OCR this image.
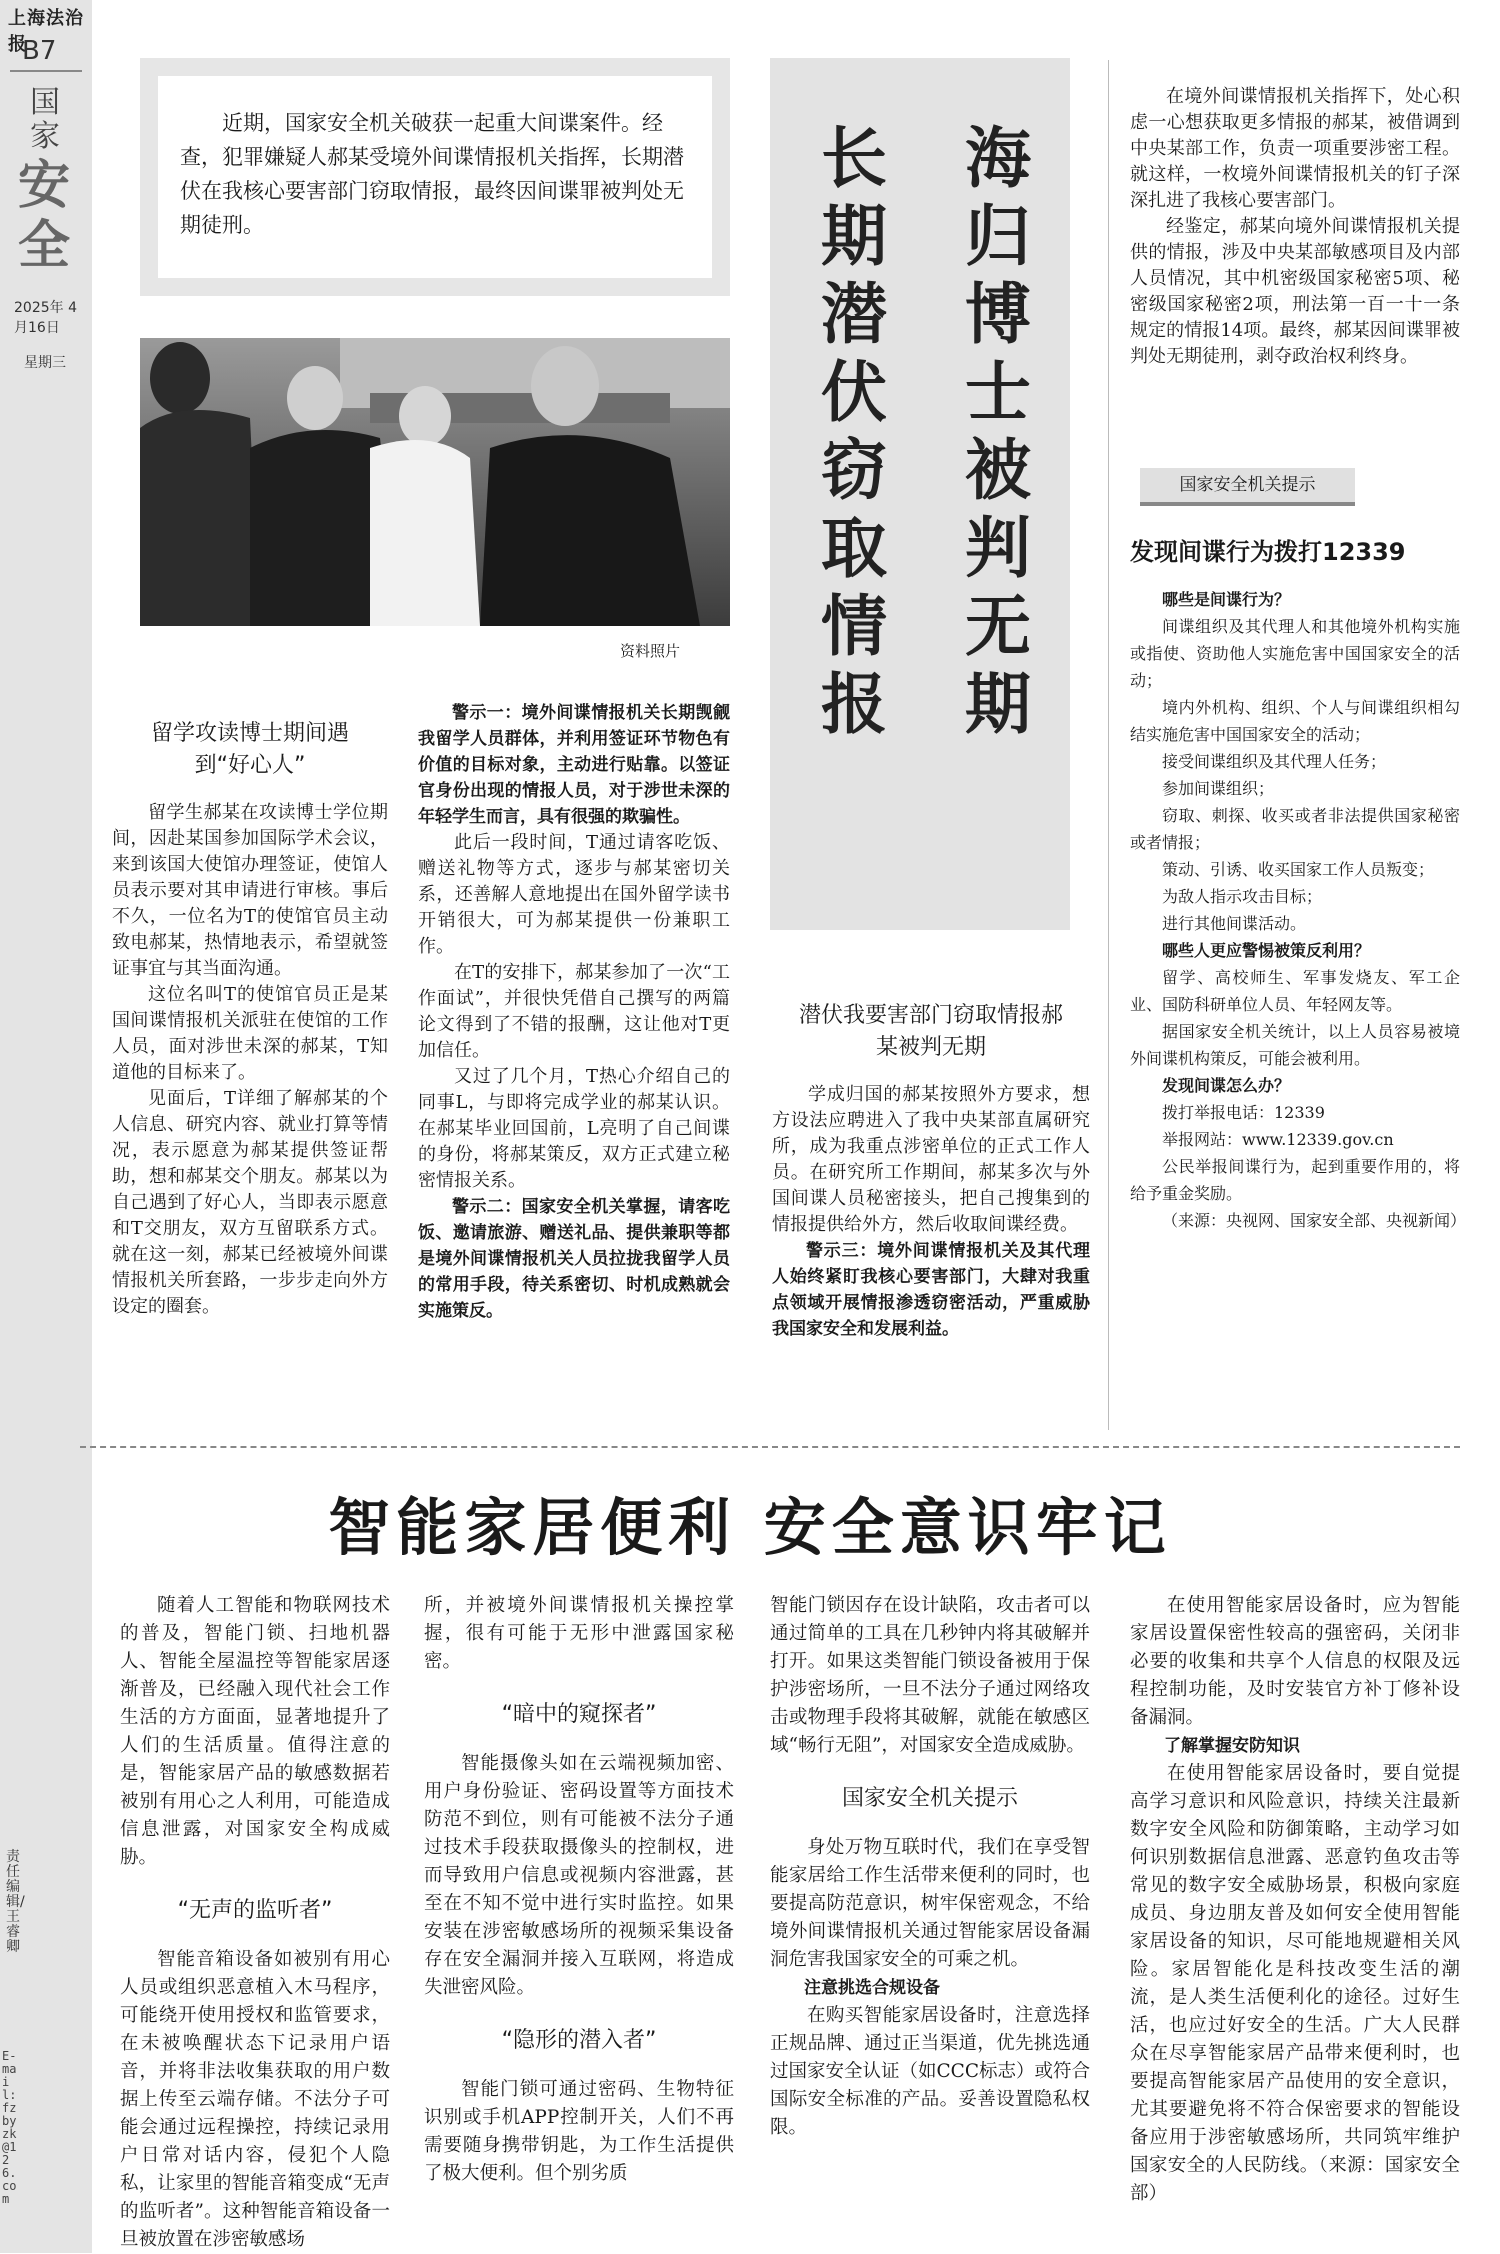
上海法治报
B7
国
家
安
全
2025年 4月16日
星期三
责任编辑/王睿卿
E-mail:fzbyzk@126.com
近期，国家安全机关破获一起重大间谍案件。经查，犯罪嫌疑人郝某受境外间谍情报机关指挥，长期潜伏在我核心要害部门窃取情报，最终因间谍罪被判处无期徒刑。
资料照片
海归博士被判无期
长期潜伏窃取情报
留学攻读博士期间遇到“好心人”

留学生郝某在攻读博士学位期间，因赴某国参加国际学术会议，来到该国大使馆办理签证，使馆人员表示要对其申请进行审核。事后不久，一位名为T的使馆官员主动致电郝某，热情地表示，希望就签证事宜与其当面沟通。

这位名叫T的使馆官员正是某国间谍情报机关派驻在使馆的工作人员，面对涉世未深的郝某，T知道他的目标来了。

见面后，T详细了解郝某的个人信息、研究内容、就业打算等情况，表示愿意为郝某提供签证帮助，想和郝某交个朋友。郝某以为自己遇到了好心人，当即表示愿意和T交朋友，双方互留联系方式。就在这一刻，郝某已经被境外间谍情报机关所套路，一步步走向外方设定的圈套。

警示一：境外间谍情报机关长期觊觎我留学人员群体，并利用签证环节物色有价值的目标对象，主动进行贴靠。以签证官身份出现的情报人员，对于涉世未深的年轻学生而言，具有很强的欺骗性。

此后一段时间，T通过请客吃饭、赠送礼物等方式，逐步与郝某密切关系，还善解人意地提出在国外留学读书开销很大，可为郝某提供一份兼职工作。

在T的安排下，郝某参加了一次“工作面试”，并很快凭借自己撰写的两篇论文得到了不错的报酬，这让他对T更加信任。

又过了几个月，T热心介绍自己的同事L，与即将完成学业的郝某认识。在郝某毕业回国前，L亮明了自己间谍的身份，将郝某策反，双方正式建立秘密情报关系。

警示二：国家安全机关掌握，请客吃饭、邀请旅游、赠送礼品、提供兼职等都是境外间谍情报机关人员拉拢我留学人员的常用手段，待关系密切、时机成熟就会实施策反。

潜伏我要害部门窃取情报郝某被判无期

学成归国的郝某按照外方要求，想方设法应聘进入了我中央某部直属研究所，成为我重点涉密单位的正式工作人员。在研究所工作期间，郝某多次与外国间谍人员秘密接头，把自己搜集到的情报提供给外方，然后收取间谍经费。

警示三：境外间谍情报机关及其代理人始终紧盯我核心要害部门，大肆对我重点领域开展情报渗透窃密活动，严重威胁我国家安全和发展利益。

在境外间谍情报机关指挥下，处心积虑一心想获取更多情报的郝某，被借调到中央某部工作，负责一项重要涉密工程。就这样，一枚境外间谍情报机关的钉子深深扎进了我核心要害部门。

经鉴定，郝某向境外间谍情报机关提供的情报，涉及中央某部敏感项目及内部人员情况，其中机密级国家秘密5项、秘密级国家秘密2项，刑法第一百一十一条规定的情报14项。最终，郝某因间谍罪被判处无期徒刑，剥夺政治权利终身。

国家安全机关提示
发现间谍行为拨打12339

哪些是间谍行为？

间谍组织及其代理人和其他境外机构实施或指使、资助他人实施危害中国国家安全的活动；

境内外机构、组织、个人与间谍组织相勾结实施危害中国国家安全的活动；

接受间谍组织及其代理人任务；

参加间谍组织；

窃取、刺探、收买或者非法提供国家秘密或者情报；

策动、引诱、收买国家工作人员叛变；

为敌人指示攻击目标；

进行其他间谍活动。

哪些人更应警惕被策反利用？

留学、高校师生、军事发烧友、军工企业、国防科研单位人员、年轻网友等。

据国家安全机关统计，以上人员容易被境外间谍机构策反，可能会被利用。

发现间谍怎么办？

拨打举报电话：12339

举报网站：www.12339.gov.cn

公民举报间谍行为，起到重要作用的，将给予重金奖励。

（来源：央视网、国家安全部、央视新闻）

智能家居便利 安全意识牢记

随着人工智能和物联网技术的普及，智能门锁、扫地机器人、智能全屋温控等智能家居逐渐普及，已经融入现代社会工作生活的方方面面，显著地提升了人们的生活质量。值得注意的是，智能家居产品的敏感数据若被别有用心之人利用，可能造成信息泄露，对国家安全构成威胁。

“无声的监听者”

智能音箱设备如被别有用心人员或组织恶意植入木马程序，可能绕开使用授权和监管要求，在未被唤醒状态下记录用户语音，并将非法收集获取的用户数据上传至云端存储。不法分子可能会通过远程操控，持续记录用户日常对话内容，侵犯个人隐私，让家里的智能音箱变成“无声的监听者”。这种智能音箱设备一旦被放置在涉密敏感场

所，并被境外间谍情报机关操控掌握，很有可能于无形中泄露国家秘密。

“暗中的窥探者”

智能摄像头如在云端视频加密、用户身份验证、密码设置等方面技术防范不到位，则有可能被不法分子通过技术手段获取摄像头的控制权，进而导致用户信息或视频内容泄露，甚至在不知不觉中进行实时监控。如果安装在涉密敏感场所的视频采集设备存在安全漏洞并接入互联网，将造成失泄密风险。

“隐形的潜入者”

智能门锁可通过密码、生物特征识别或手机APP控制开关，人们不再需要随身携带钥匙，为工作生活提供了极大便利。但个别劣质

智能门锁因存在设计缺陷，攻击者可以通过简单的工具在几秒钟内将其破解并打开。如果这类智能门锁设备被用于保护涉密场所，一旦不法分子通过网络攻击或物理手段将其破解，就能在敏感区域“畅行无阻”，对国家安全造成威胁。

国家安全机关提示

身处万物互联时代，我们在享受智能家居给工作生活带来便利的同时，也要提高防范意识，树牢保密观念，不给境外间谍情报机关通过智能家居设备漏洞危害我国家安全的可乘之机。

注意挑选合规设备

在购买智能家居设备时，注意选择正规品牌、通过正当渠道，优先挑选通过国家安全认证（如CCC标志）或符合国际安全标准的产品。妥善设置隐私权限。

在使用智能家居设备时，应为智能家居设置保密性较高的强密码，关闭非必要的收集和共享个人信息的权限及远程控制功能，及时安装官方补丁修补设备漏洞。

了解掌握安防知识

在使用智能家居设备时，要自觉提高学习意识和风险意识，持续关注最新数字安全风险和防御策略，主动学习如何识别数据信息泄露、恶意钓鱼攻击等常见的数字安全威胁场景，积极向家庭成员、身边朋友普及如何安全使用智能家居设备的知识，尽可能地规避相关风险。家居智能化是科技改变生活的潮流，是人类生活便利化的途径。过好生活，也应过好安全的生活。广大人民群众在尽享智能家居产品带来便利时，也要提高智能家居产品使用的安全意识，尤其要避免将不符合保密要求的智能设备应用于涉密敏感场所，共同筑牢维护国家安全的人民防线。（来源：国家安全部）
